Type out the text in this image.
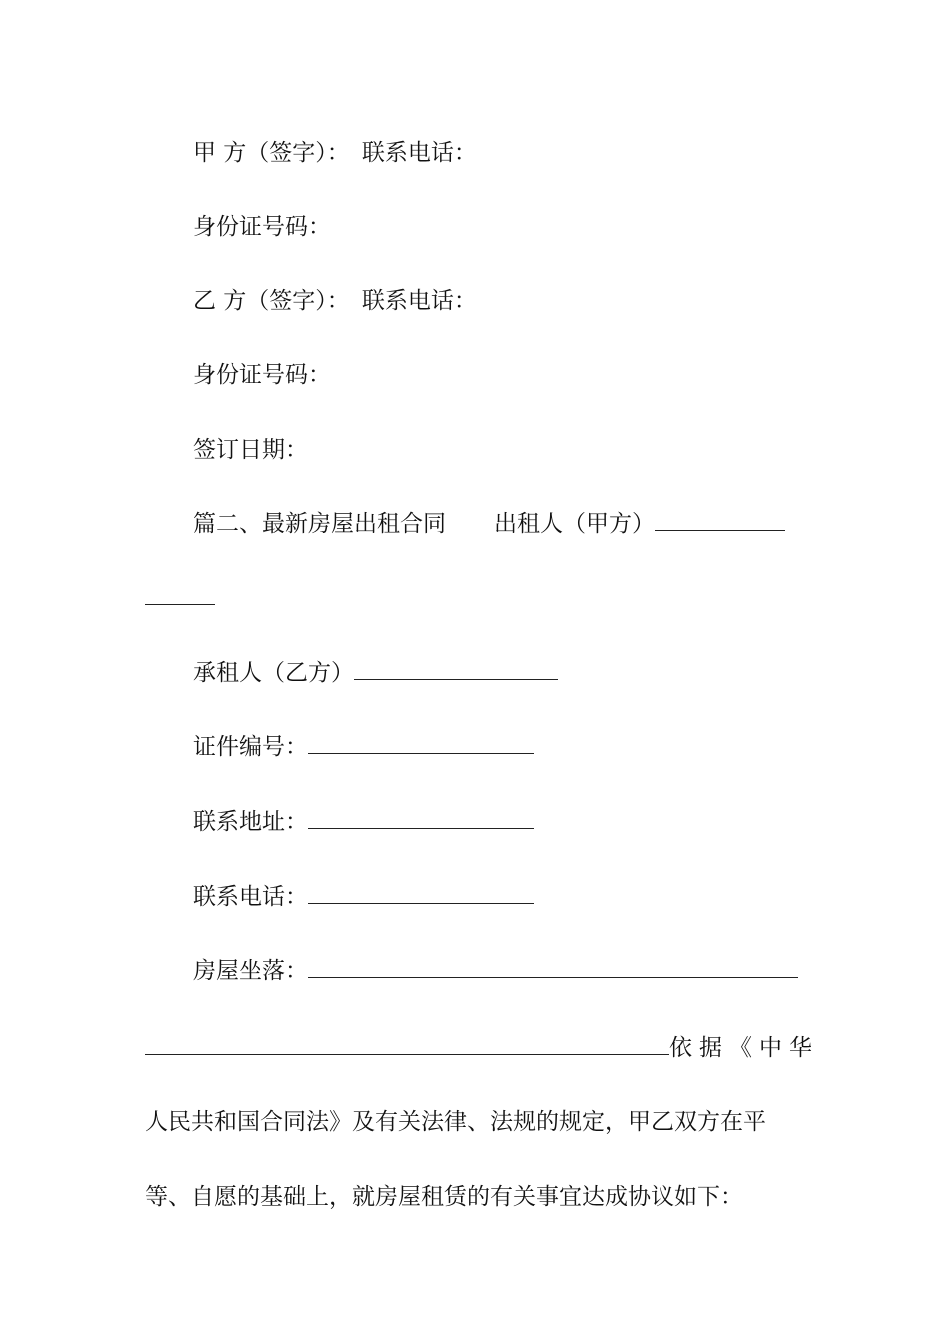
甲 方（签字）： 联系电话：
身份证号码：
乙 方（签字）： 联系电话：
身份证号码：
签订日期：
篇二、最新房屋出租合同 出租人（甲方）
承租人（乙方）
证件编号：
联系地址：
联系电话：
房屋坐落：
依据《中华
人民共和国合同法》及有关法律、法规的规定，甲乙双方在平
等、自愿的基础上，就房屋租赁的有关事宜达成协议如下：
